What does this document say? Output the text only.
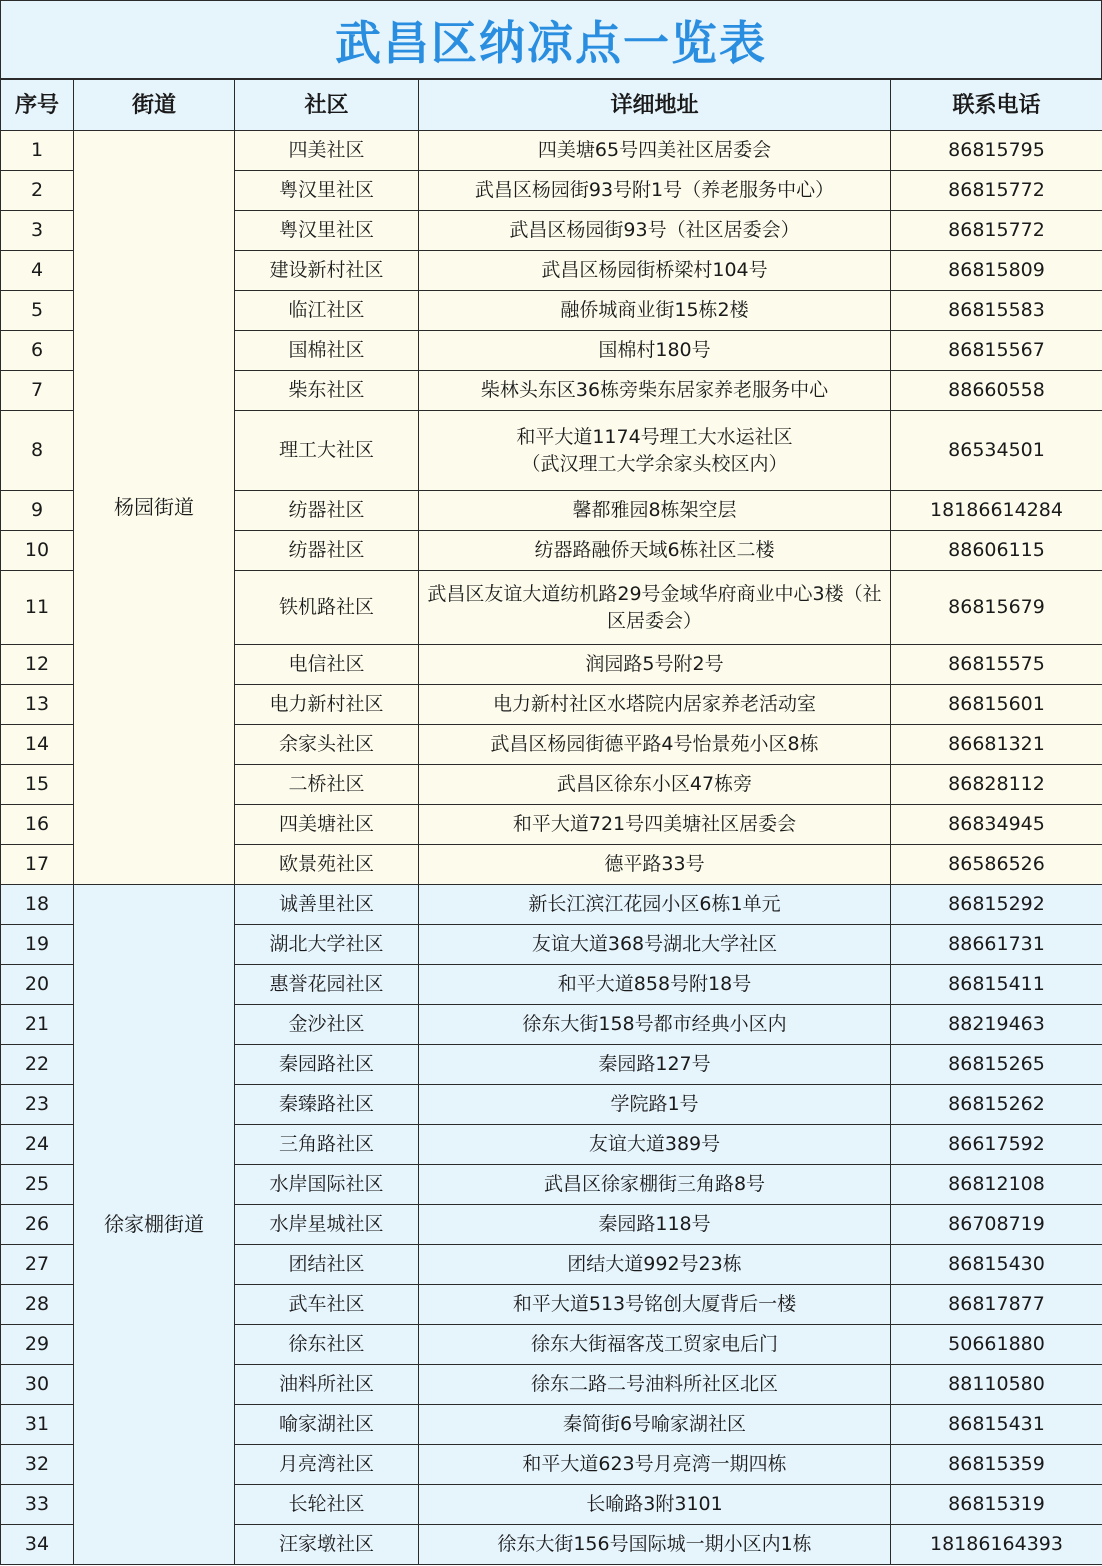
武昌区纳凉点一览表
序号	街道	社区	详细地址	联系电话
1	杨园街道	四美社区	四美塘65号四美社区居委会	86815795
2		粤汉里社区	武昌区杨园街93号附1号（养老服务中心）	86815772
3		粤汉里社区	武昌区杨园街93号（社区居委会）	86815772
4		建设新村社区	武昌区杨园街桥梁村104号	86815809
5		临江社区	融侨城商业街15栋2楼	86815583
6		国棉社区	国棉村180号	86815567
7		柴东社区	柴林头东区36栋旁柴东居家养老服务中心	88660558
8		理工大社区	和平大道1174号理工大水运社区
（武汉理工大学余家头校区内）	86534501
9		纺器社区	馨都雅园8栋架空层	18186614284
10		纺器社区	纺器路融侨天域6栋社区二楼	88606115
11		铁机路社区	武昌区友谊大道纺机路29号金域华府商业中心3楼（社区居委会）	86815679
12		电信社区	润园路5号附2号	86815575
13		电力新村社区	电力新村社区水塔院内居家养老活动室	86815601
14		余家头社区	武昌区杨园街德平路4号怡景苑小区8栋	86681321
15		二桥社区	武昌区徐东小区47栋旁	86828112
16		四美塘社区	和平大道721号四美塘社区居委会	86834945
17		欧景苑社区	德平路33号	86586526
18	徐家棚街道	诚善里社区	新长江滨江花园小区6栋1单元	86815292
19		湖北大学社区	友谊大道368号湖北大学社区	88661731
20		惠誉花园社区	和平大道858号附18号	86815411
21		金沙社区	徐东大街158号都市经典小区内	88219463
22		秦园路社区	秦园路127号	86815265
23		秦臻路社区	学院路1号	86815262
24		三角路社区	友谊大道389号	86617592
25		水岸国际社区	武昌区徐家棚街三角路8号	86812108
26		水岸星城社区	秦园路118号	86708719
27		团结社区	团结大道992号23栋	86815430
28		武车社区	和平大道513号铭创大厦背后一楼	86817877
29		徐东社区	徐东大街福客茂工贸家电后门	50661880
30		油料所社区	徐东二路二号油料所社区北区	88110580
31		喻家湖社区	秦简街6号喻家湖社区	86815431
32		月亮湾社区	和平大道623号月亮湾一期四栋	86815359
33		长轮社区	长喻路3附3101	86815319
34		汪家墩社区	徐东大街156号国际城一期小区内1栋	18186164393
